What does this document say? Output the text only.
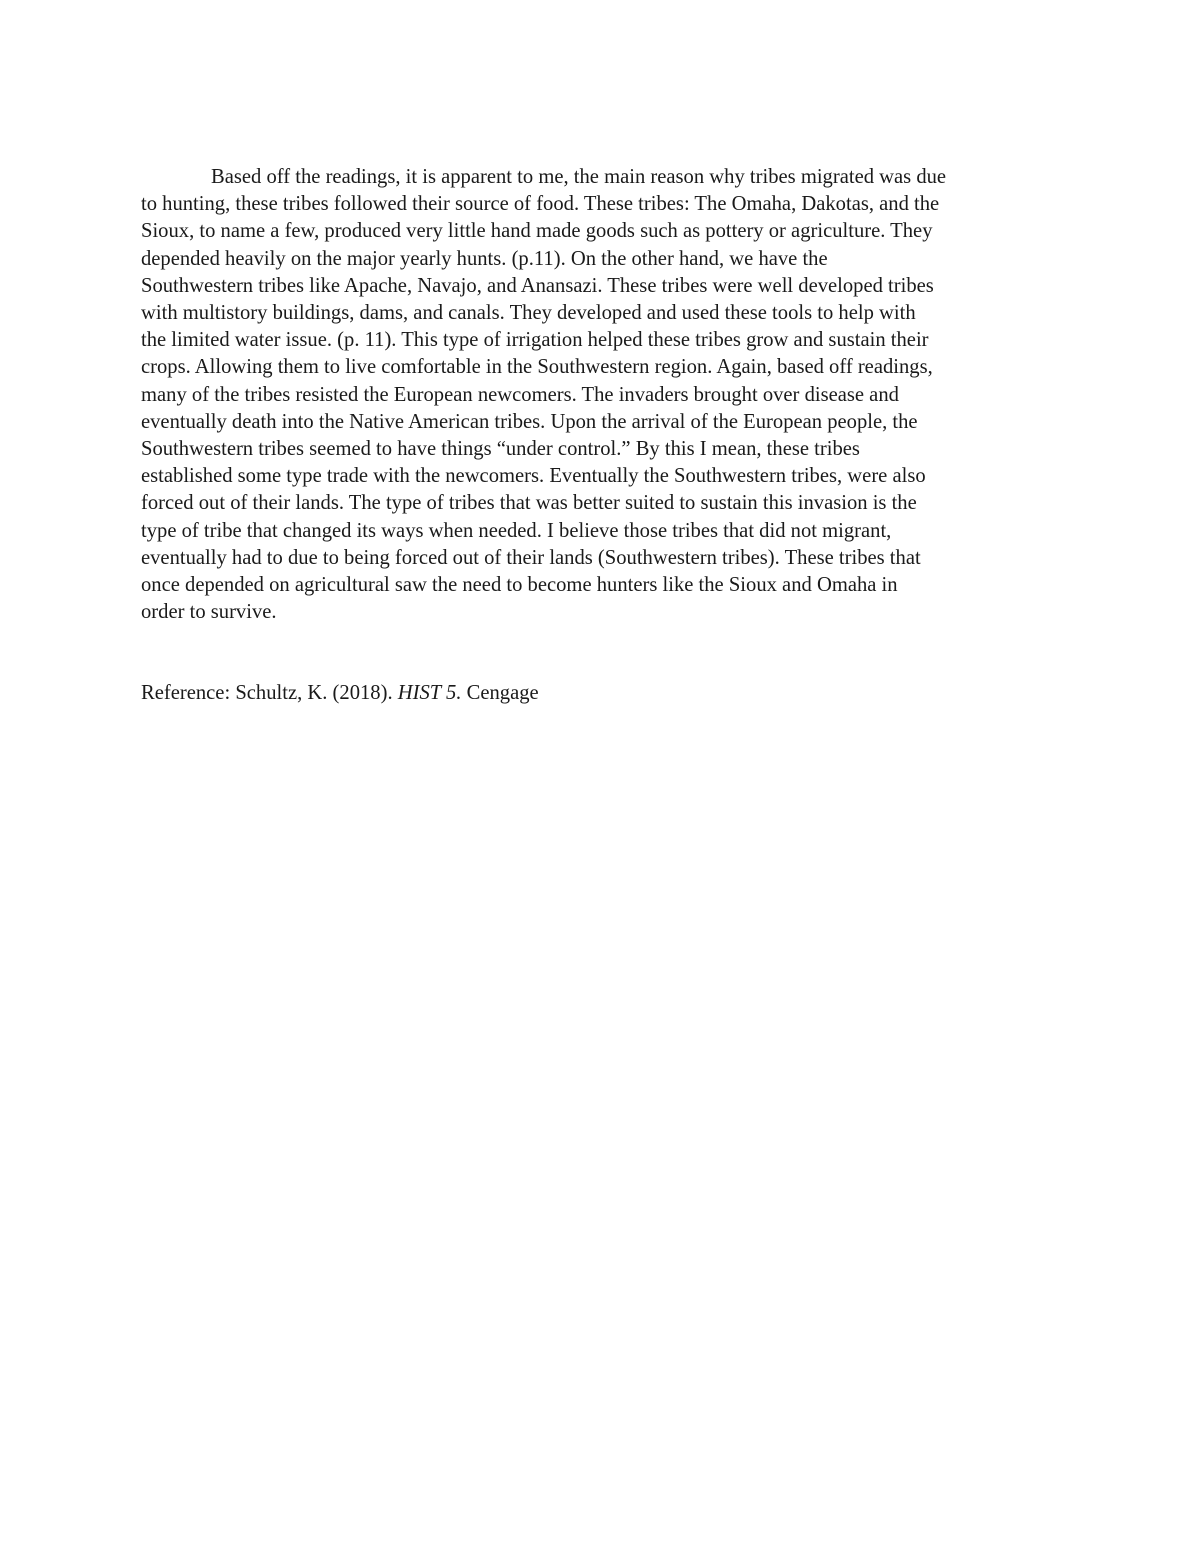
Based off the readings, it is apparent to me, the main reason why tribes migrated was due
to hunting, these tribes followed their source of food. These tribes: The Omaha, Dakotas, and the
Sioux, to name a few, produced very little hand made goods such as pottery or agriculture. They
depended heavily on the major yearly hunts. (p.11). On the other hand, we have the
Southwestern tribes like Apache, Navajo, and Anansazi. These tribes were well developed tribes
with multistory buildings, dams, and canals. They developed and used these tools to help with
the limited water issue. (p. 11). This type of irrigation helped these tribes grow and sustain their
crops. Allowing them to live comfortable in the Southwestern region. Again, based off readings,
many of the tribes resisted the European newcomers. The invaders brought over disease and
eventually death into the Native American tribes. Upon the arrival of the European people, the
Southwestern tribes seemed to have things “under control.” By this I mean, these tribes
established some type trade with the newcomers. Eventually the Southwestern tribes, were also
forced out of their lands. The type of tribes that was better suited to sustain this invasion is the
type of tribe that changed its ways when needed. I believe those tribes that did not migrant,
eventually had to due to being forced out of their lands (Southwestern tribes). These tribes that
once depended on agricultural saw the need to become hunters like the Sioux and Omaha in
order to survive.
Reference: Schultz, K. (2018). HIST 5. Cengage
